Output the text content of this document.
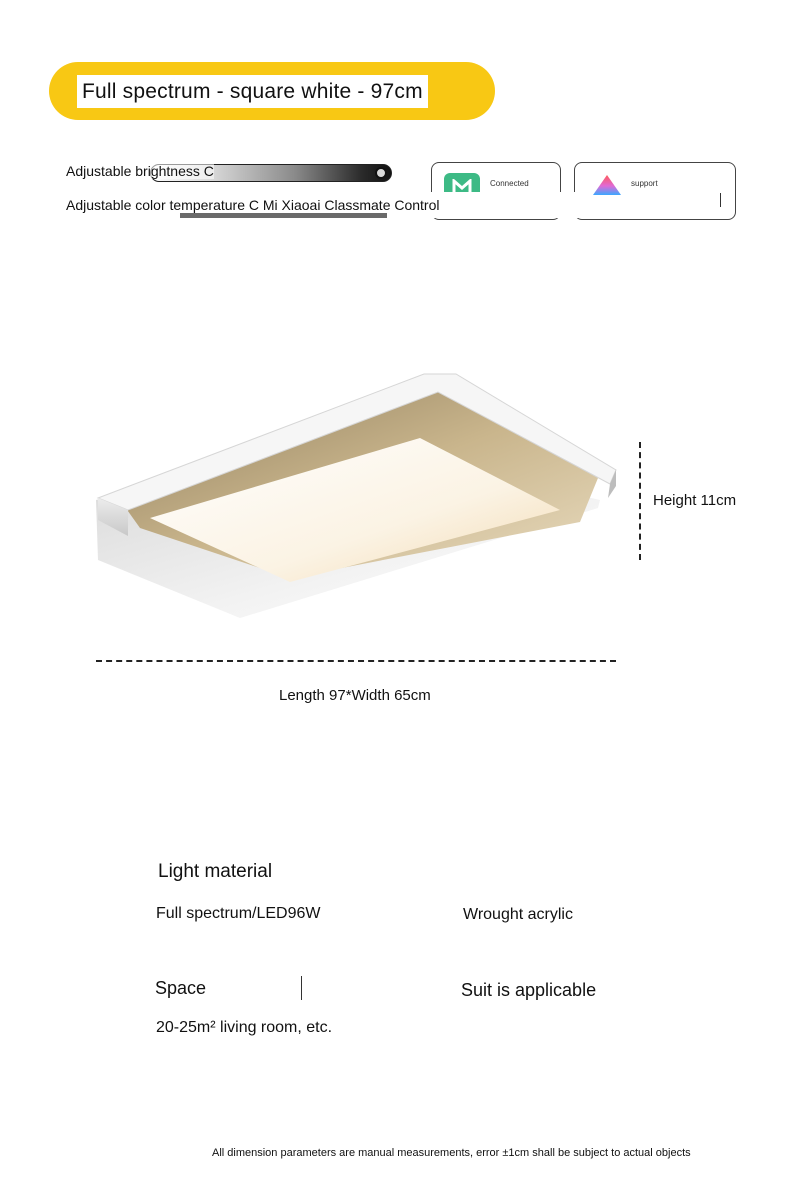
Full spectrum - square white - 97cm
Adjustable brightness C
Connected	support
Adjustable color temperature C Mi Xiaoai Classmate Control
Height 11cm
Length 97*Width 65cm
Light material
Full spectrum/LED96W	Wrought acrylic
Space	Suit is applicable
20-25m² living room, etc.
All dimension parameters are manual measurements, error ±1cm shall be subject to actual objects
